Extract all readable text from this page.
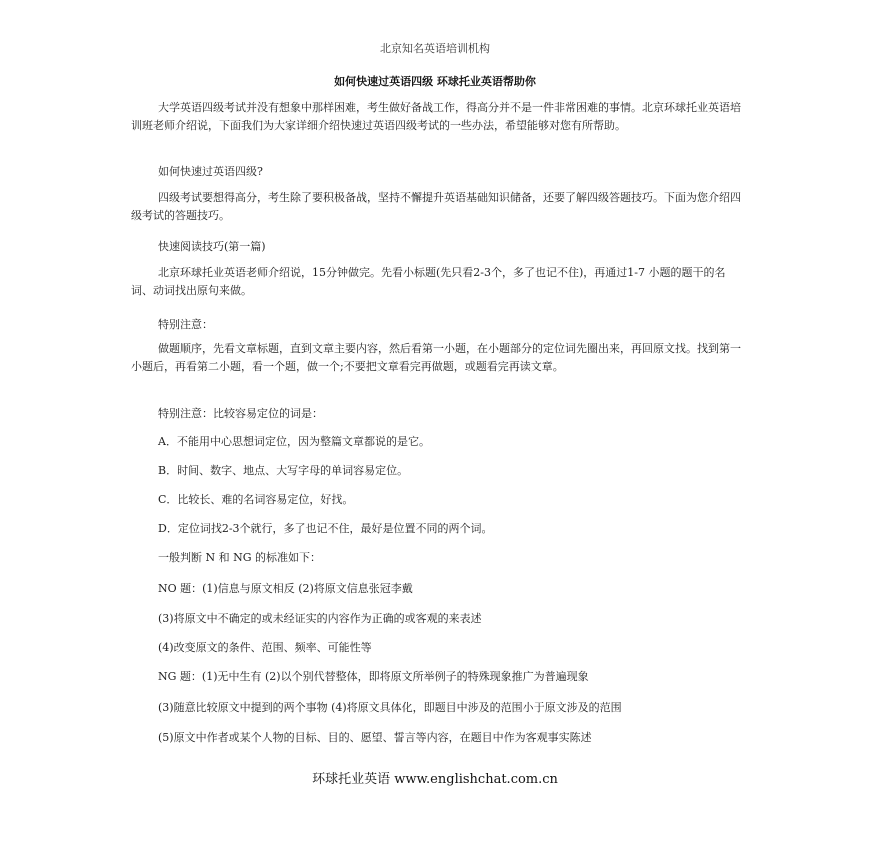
北京知名英语培训机构
如何快速过英语四级 环球托业英语帮助你
大学英语四级考试并没有想象中那样困难，考生做好备战工作，得高分并不是一件非常困难的事情。北京环球托业英语培训班老师介绍说，下面我们为大家详细介绍快速过英语四级考试的一些办法，希望能够对您有所帮助。
如何快速过英语四级?
四级考试要想得高分，考生除了要积极备战，坚持不懈提升英语基础知识储备，还要了解四级答题技巧。下面为您介绍四级考试的答题技巧。
快速阅读技巧(第一篇)
北京环球托业英语老师介绍说，15分钟做完。先看小标题(先只看2-3个，多了也记不住)，再通过1-7 小题的题干的名词、动词找出原句来做。
特别注意：
做题顺序，先看文章标题，直到文章主要内容，然后看第一小题，在小题部分的定位词先圈出来，再回原文找。找到第一小题后，再看第二小题，看一个题，做一个;不要把文章看完再做题，或题看完再读文章。
特别注意：比较容易定位的词是：
A．不能用中心思想词定位，因为整篇文章都说的是它。
B．时间、数字、地点、大写字母的单词容易定位。
C．比较长、难的名词容易定位，好找。
D．定位词找2-3个就行，多了也记不住，最好是位置不同的两个词。
一般判断 N 和 NG 的标准如下：
NO 题：(1)信息与原文相反 (2)将原文信息张冠李戴
(3)将原文中不确定的或未经证实的内容作为正确的或客观的来表述
(4)改变原文的条件、范围、频率、可能性等
NG 题：(1)无中生有 (2)以个别代替整体，即将原文所举例子的特殊现象推广为普遍现象
(3)随意比较原文中提到的两个事物 (4)将原文具体化，即题目中涉及的范围小于原文涉及的范围
(5)原文中作者或某个人物的目标、目的、愿望、誓言等内容，在题目中作为客观事实陈述
环球托业英语 www.englishchat.com.cn
